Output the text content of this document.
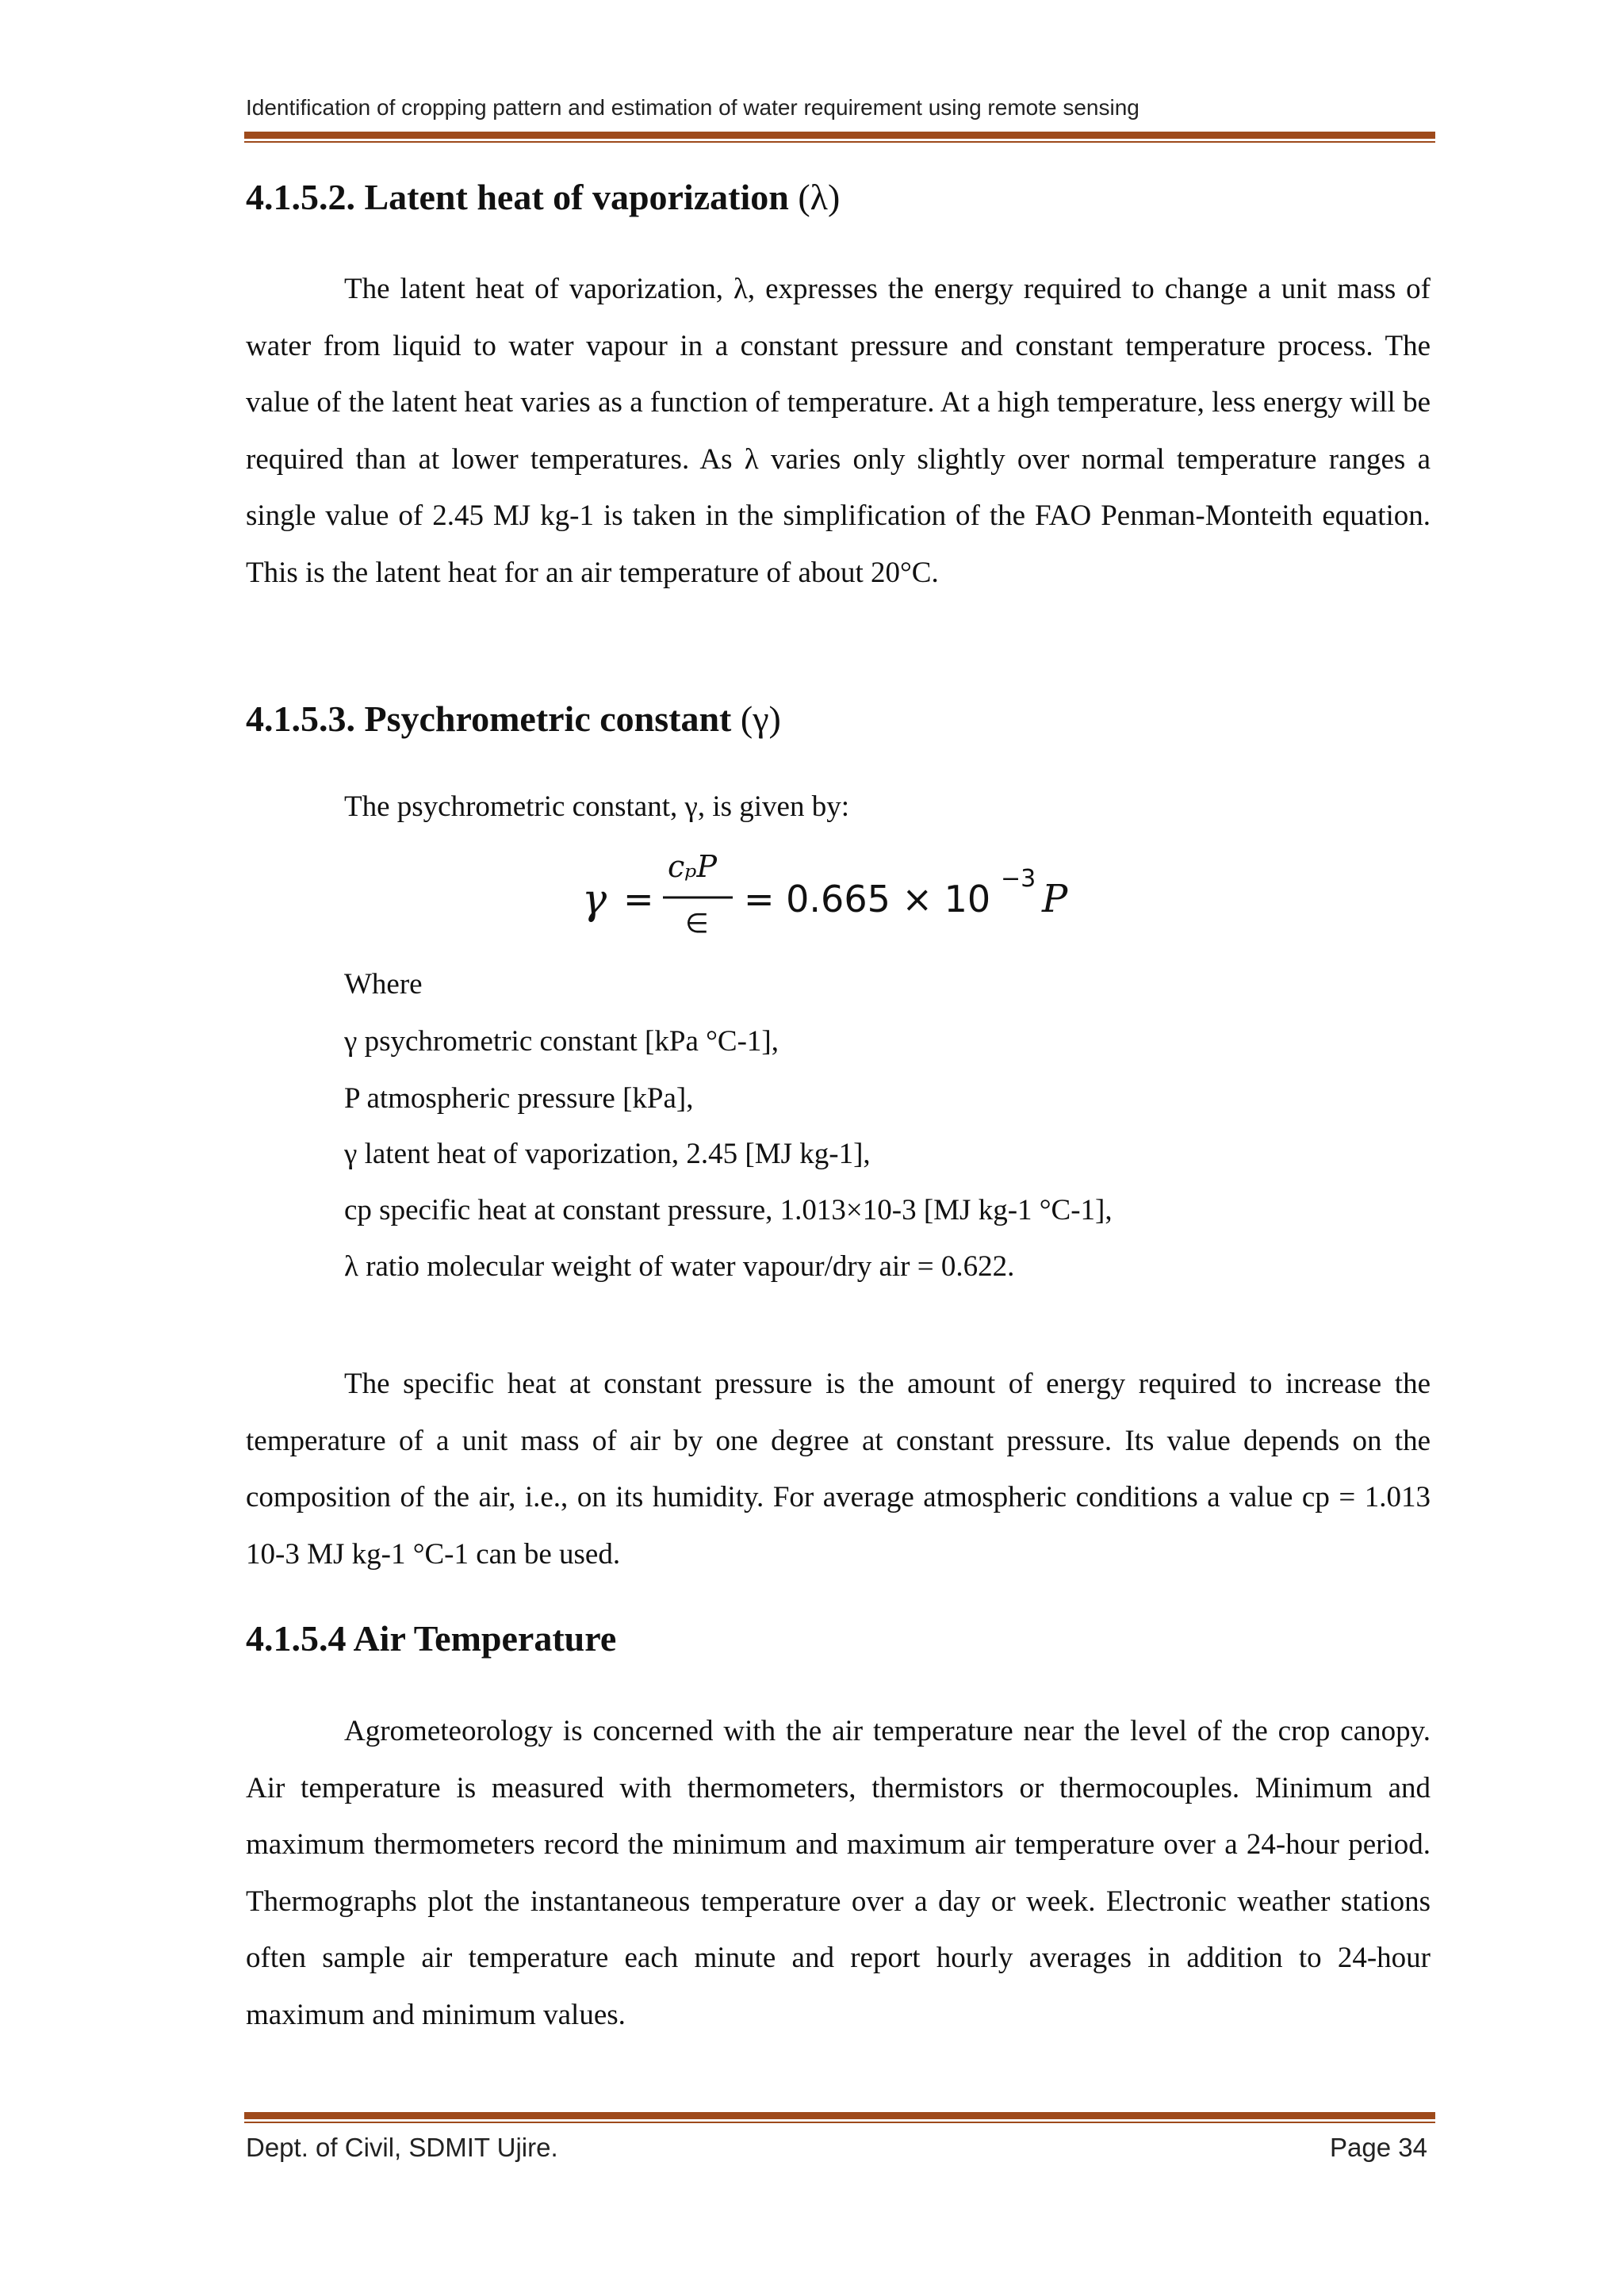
Identification of cropping pattern and estimation of water requirement using remote sensing
4.1.5.2. Latent heat of vaporization (λ)

The latent heat of vaporization, λ, expresses the energy required to change a unit mass of water from liquid to water vapour in a constant pressure and constant temperature process. The value of the latent heat varies as a function of temperature. At a high temperature, less energy will be required than at lower temperatures. As λ varies only slightly over normal temperature ranges a single value of 2.45 MJ kg-1 is taken in the simplification of the FAO Penman-Monteith equation. This is the latent heat for an air temperature of about 20°C.

4.1.5.3. Psychrometric constant (γ)
The psychrometric constant, γ, is given by:
γ =
cₚP
∈
= 0.665 × 10 −3 P
Where
γ psychrometric constant [kPa °C-1],
P atmospheric pressure [kPa],
γ latent heat of vaporization, 2.45 [MJ kg-1],
cp specific heat at constant pressure, 1.013×10-3 [MJ kg-1 °C-1],
λ ratio molecular weight of water vapour/dry air = 0.622.

The specific heat at constant pressure is the amount of energy required to increase the temperature of a unit mass of air by one degree at constant pressure. Its value depends on the composition of the air, i.e., on its humidity. For average atmospheric conditions a value cp = 1.013 10-3 MJ kg-1 °C-1 can be used.

4.1.5.4 Air Temperature

Agrometeorology is concerned with the air temperature near the level of the crop canopy. Air temperature is measured with thermometers, thermistors or thermocouples. Minimum and maximum thermometers record the minimum and maximum air temperature over a 24-hour period. Thermographs plot the instantaneous temperature over a day or week. Electronic weather stations often sample air temperature each minute and report hourly averages in addition to 24-hour maximum and minimum values.

Dept. of Civil, SDMIT Ujire.	Page 34
